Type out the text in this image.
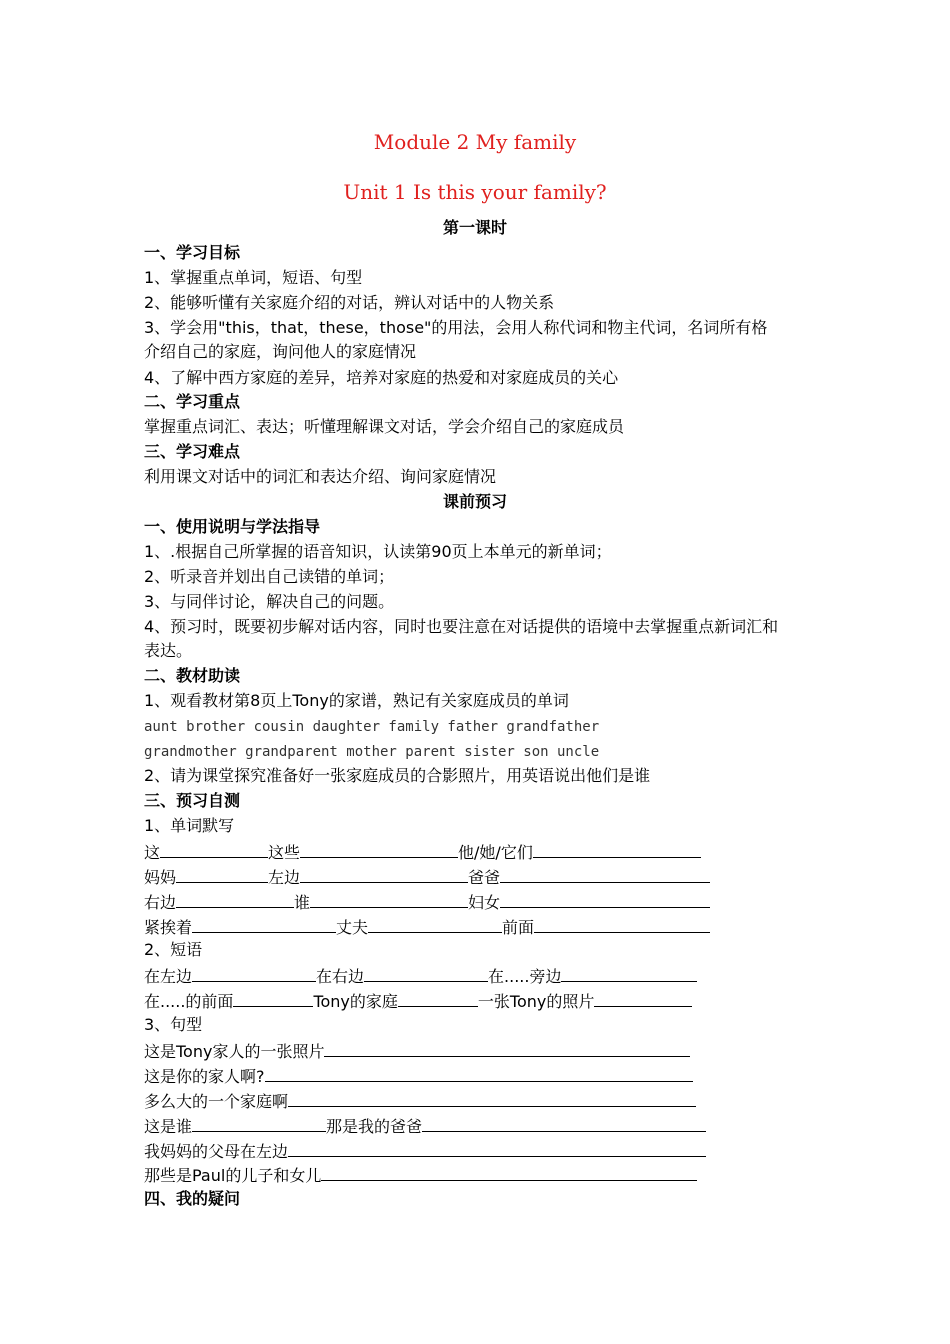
Module 2 My family
Unit 1 Is this your family?
第一课时
一、学习目标
1、掌握重点单词，短语、句型
2、能够听懂有关家庭介绍的对话，辨认对话中的人物关系
3、学会用"this，that，these，those"的用法，会用人称代词和物主代词，名词所有格
介绍自己的家庭，询问他人的家庭情况
4、了解中西方家庭的差异，培养对家庭的热爱和对家庭成员的关心
二、学习重点
掌握重点词汇、表达；听懂理解课文对话，学会介绍自己的家庭成员
三、学习难点
利用课文对话中的词汇和表达介绍、询问家庭情况
课前预习
一、使用说明与学法指导
1、.根据自己所掌握的语音知识，认读第90页上本单元的新单词；
2、听录音并划出自己读错的单词；
3、与同伴讨论，解决自己的问题。
4、预习时，既要初步解对话内容，同时也要注意在对话提供的语境中去掌握重点新词汇和
表达。
二、教材助读
1、观看教材第8页上Tony的家谱，熟记有关家庭成员的单词
aunt brother cousin daughter family father grandfather
grandmother grandparent mother parent sister son uncle
2、请为课堂探究准备好一张家庭成员的合影照片，用英语说出他们是谁
三、预习自测
1、单词默写
这	这些	他/她/它们
妈妈	左边	爸爸
右边	谁	妇女
紧挨着	丈夫	前面
2、短语
在左边	在右边	在.....旁边
在.....的前面	Tony的家庭	一张Tony的照片
3、句型
这是Tony家人的一张照片
这是你的家人啊?
多么大的一个家庭啊
这是谁	那是我的爸爸
我妈妈的父母在左边
那些是Paul的儿子和女儿
四、我的疑问
